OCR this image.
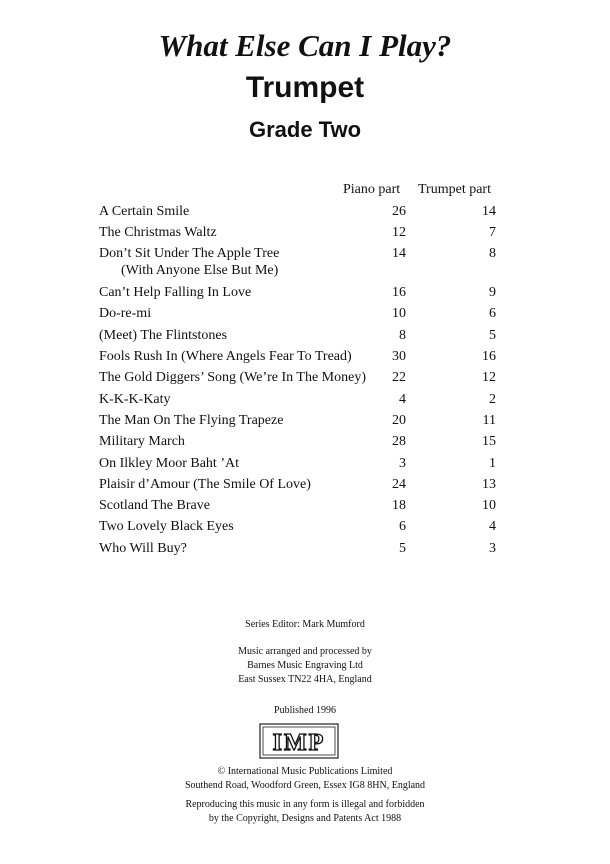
What Else Can I Play?
Trumpet
Grade Two
Piano part Trumpet part
A Certain Smile	26	14
The Christmas Waltz	12	7
Don’t Sit Under The Apple Tree
(With Anyone Else But Me)
14	8
Can’t Help Falling In Love	16	9
Do-re-mi	10	6
(Meet) The Flintstones	8	5
Fools Rush In (Where Angels Fear To Tread)	30	16
The Gold Diggers’ Song (We’re In The Money) 22	12
K-K-K-Katy	4	2
The Man On The Flying Trapeze	20	11
Military March	28	15
On Ilkley Moor Baht ’At	3	1
Plaisir d’Amour (The Smile Of Love)	24	13
Scotland The Brave	18	10
Two Lovely Black Eyes	6	4
Who Will Buy?	5	3
Series Editor: Mark Mumford
Music arranged and processed by
Barnes Music Engraving Ltd
East Sussex TN22 4HA, England
Published 1996
IMP
© International Music Publications Limited
Southend Road, Woodford Green, Essex IG8 8HN, England
Reproducing this music in any form is illegal and forbidden
by the Copyright, Designs and Patents Act 1988
